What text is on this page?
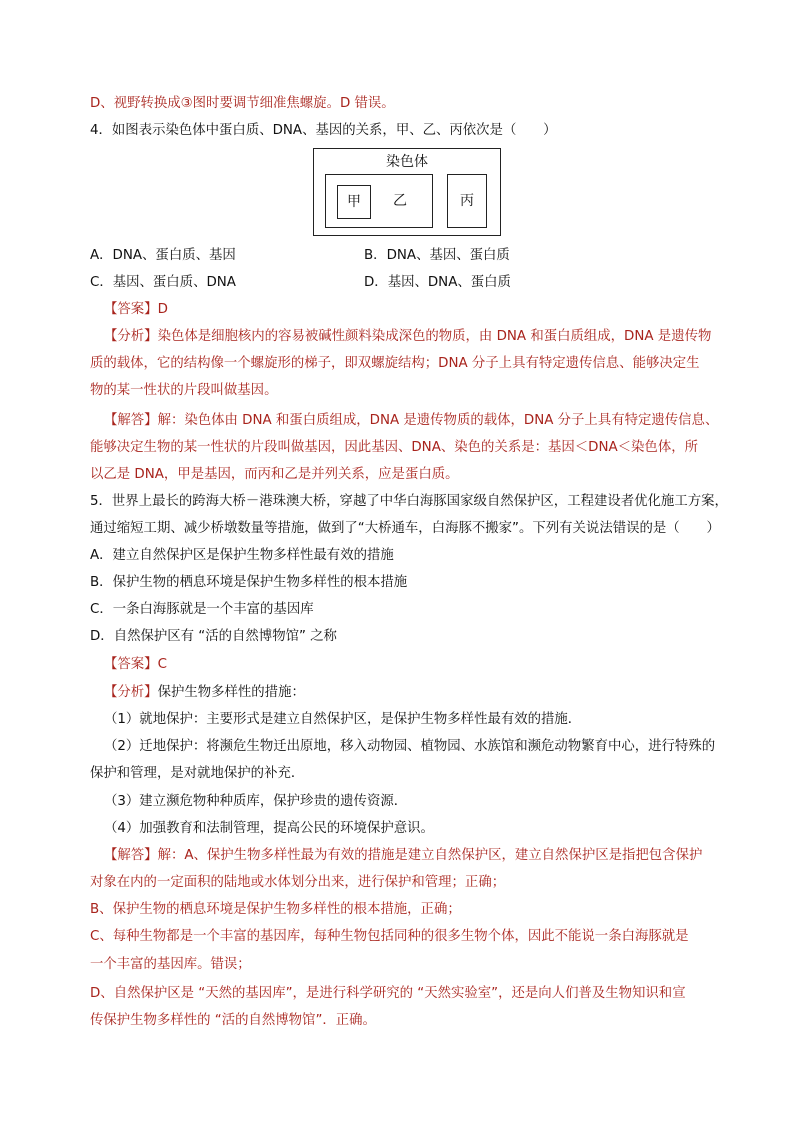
D、视野转换成③图时要调节细准焦螺旋。D 错误。
4．如图表示染色体中蛋白质、DNA、基因的关系，甲、乙、丙依次是（　　）
染色体
甲	乙	丙
A．DNA、蛋白质、基因	B．DNA、基因、蛋白质
C．基因、蛋白质、DNA	D．基因、DNA、蛋白质
【答案】D
【分析】染色体是细胞核内的容易被碱性颜料染成深色的物质，由 DNA 和蛋白质组成，DNA 是遗传物
质的载体，它的结构像一个螺旋形的梯子，即双螺旋结构；DNA 分子上具有特定遗传信息、能够决定生
物的某一性状的片段叫做基因。
【解答】解：染色体由 DNA 和蛋白质组成，DNA 是遗传物质的载体，DNA 分子上具有特定遗传信息、
能够决定生物的某一性状的片段叫做基因，因此基因、DNA、染色的关系是：基因＜DNA＜染色体，所
以乙是 DNA，甲是基因，而丙和乙是并列关系，应是蛋白质。
5．世界上最长的跨海大桥－港珠澳大桥，穿越了中华白海豚国家级自然保护区，工程建设者优化施工方案，
通过缩短工期、减少桥墩数量等措施，做到了“大桥通车，白海豚不搬家”。下列有关说法错误的是（　　）
A．建立自然保护区是保护生物多样性最有效的措施
B．保护生物的栖息环境是保护生物多样性的根本措施
C．一条白海豚就是一个丰富的基因库
D．自然保护区有 “活的自然博物馆” 之称
【答案】C
【分析】保护生物多样性的措施：
（1）就地保护：主要形式是建立自然保护区，是保护生物多样性最有效的措施．
（2）迁地保护：将濒危生物迁出原地，移入动物园、植物园、水族馆和濒危动物繁育中心，进行特殊的
保护和管理，是对就地保护的补充．
（3）建立濒危物种种质库，保护珍贵的遗传资源．
（4）加强教育和法制管理，提高公民的环境保护意识。
【解答】解：A、保护生物多样性最为有效的措施是建立自然保护区，建立自然保护区是指把包含保护
对象在内的一定面积的陆地或水体划分出来，进行保护和管理；正确；
B、保护生物的栖息环境是保护生物多样性的根本措施，正确；
C、每种生物都是一个丰富的基因库，每种生物包括同种的很多生物个体，因此不能说一条白海豚就是
一个丰富的基因库。错误；
D、自然保护区是 “天然的基因库”，是进行科学研究的 “天然实验室”，还是向人们普及生物知识和宣
传保护生物多样性的 “活的自然博物馆”．正确。
